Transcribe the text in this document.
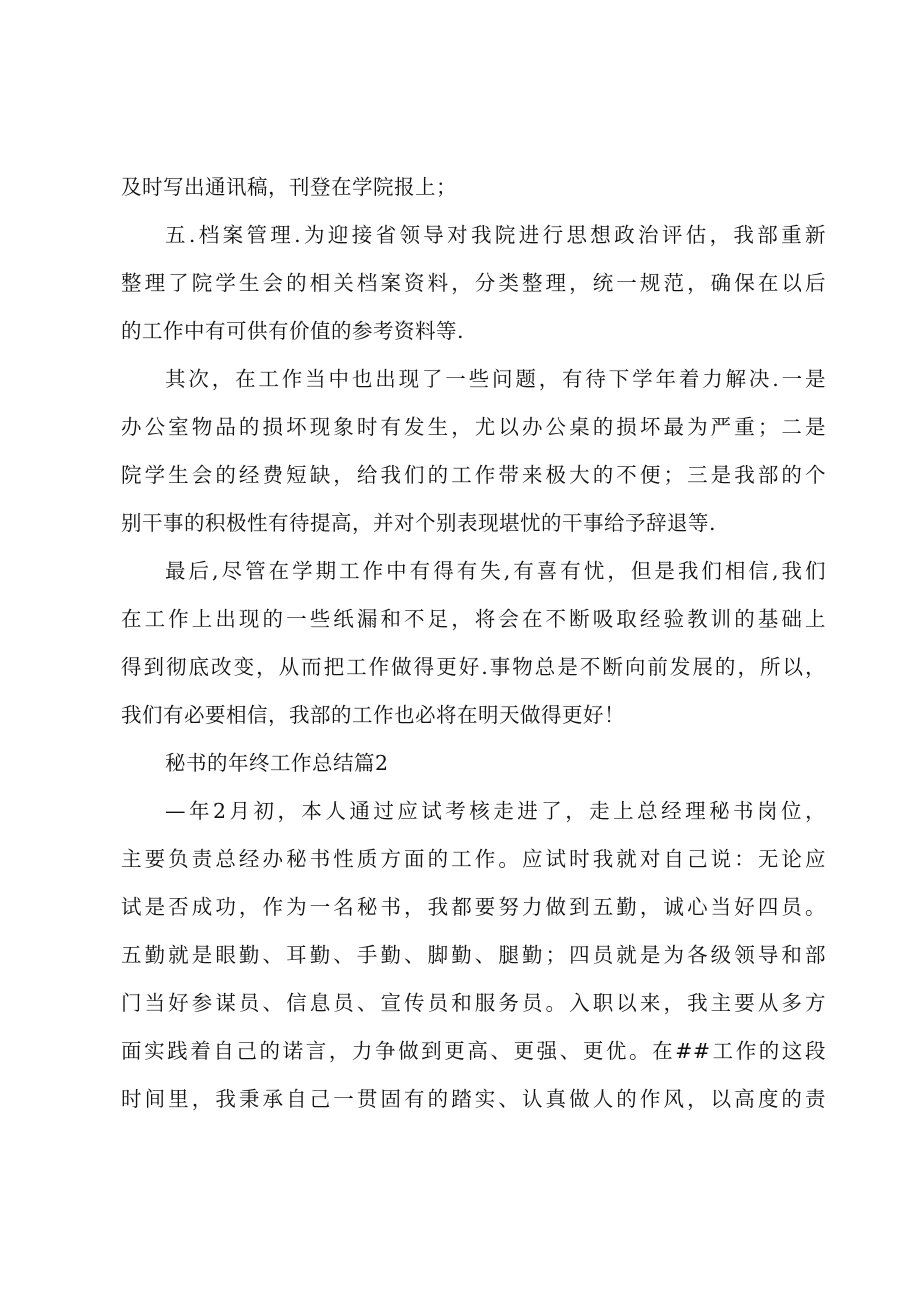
及时写出通讯稿，刊登在学院报上；

五.档案管理.为迎接省领导对我院进行思想政治评估，我部重新

整理了院学生会的相关档案资料，分类整理，统一规范，确保在以后

的工作中有可供有价值的参考资料等.

其次，在工作当中也出现了一些问题，有待下学年着力解决.一是

办公室物品的损坏现象时有发生，尤以办公桌的损坏最为严重；二是

院学生会的经费短缺，给我们的工作带来极大的不便；三是我部的个

别干事的积极性有待提高，并对个别表现堪忧的干事给予辞退等.

最后,尽管在学期工作中有得有失,有喜有忧，但是我们相信,我们

在工作上出现的一些纸漏和不足，将会在不断吸取经验教训的基础上

得到彻底改变，从而把工作做得更好.事物总是不断向前发展的，所以，

我们有必要相信，我部的工作也必将在明天做得更好！

秘书的年终工作总结篇2

—年2月初，本人通过应试考核走进了，走上总经理秘书岗位，

主要负责总经办秘书性质方面的工作。应试时我就对自己说：无论应

试是否成功，作为一名秘书，我都要努力做到五勤，诚心当好四员。

五勤就是眼勤、耳勤、手勤、脚勤、腿勤；四员就是为各级领导和部

门当好参谋员、信息员、宣传员和服务员。入职以来，我主要从多方

面实践着自己的诺言，力争做到更高、更强、更优。在##工作的这段

时间里，我秉承自己一贯固有的踏实、认真做人的作风，以高度的责
